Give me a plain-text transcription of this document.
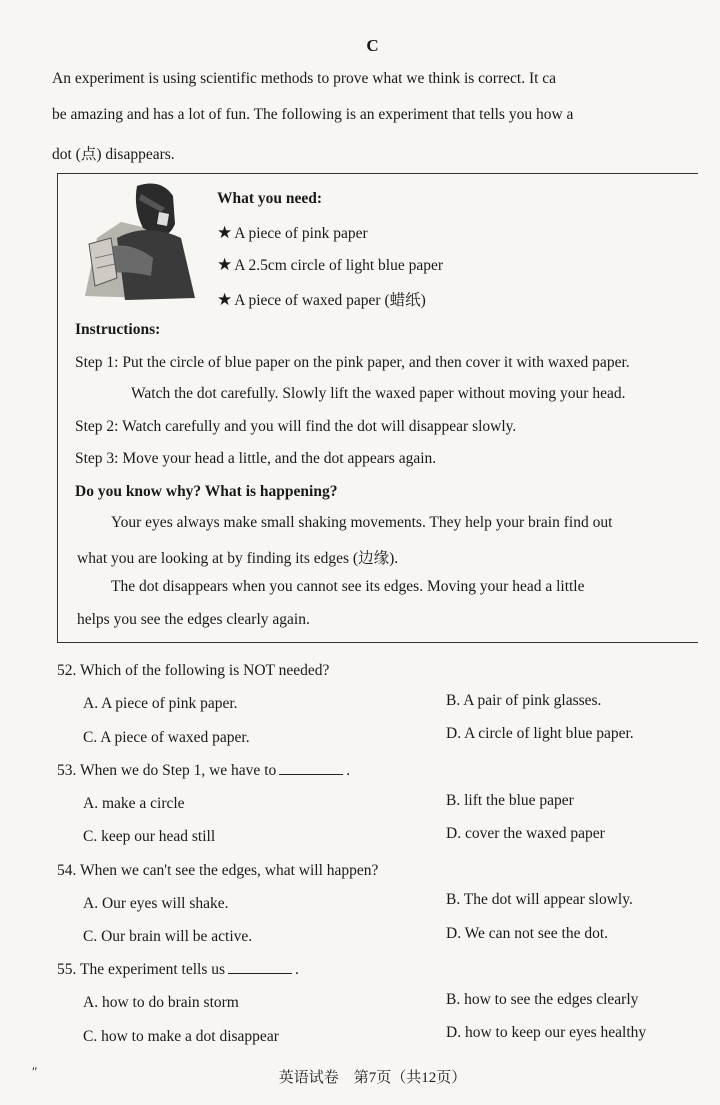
C
An experiment is using scientific methods to prove what we think is correct. It ca
be amazing and has a lot of fun. The following is an experiment that tells you how a
dot (点) disappears.
What you need:
★ A piece of pink paper
★ A 2.5cm circle of light blue paper
★ A piece of waxed paper (蜡纸)
Instructions:
Step 1: Put the circle of blue paper on the pink paper, and then cover it with waxed paper.
Watch the dot carefully. Slowly lift the waxed paper without moving your head.
Step 2: Watch carefully and you will find the dot will disappear slowly.
Step 3: Move your head a little, and the dot appears again.
Do you know why? What is happening?
Your eyes always make small shaking movements. They help your brain find out
what you are looking at by finding its edges (边缘).
The dot disappears when you cannot see its edges. Moving your head a little
helps you see the edges clearly again.
52. Which of the following is NOT needed?
A. A piece of pink paper.	B. A pair of pink glasses.
C. A piece of waxed paper.	D. A circle of light blue paper.
53. When we do Step 1, we have to	.
A. make a circle	B. lift the blue paper
C. keep our head still	D. cover the waxed paper
54. When we can't see the edges, what will happen?
A. Our eyes will shake.	B. The dot will appear slowly.
C. Our brain will be active.	D. We can not see the dot.
55. The experiment tells us	.
A. how to do brain storm	B. how to see the edges clearly
C. how to make a dot disappear	D. how to keep our eyes healthy
″	英语试卷　第7页（共12页）
